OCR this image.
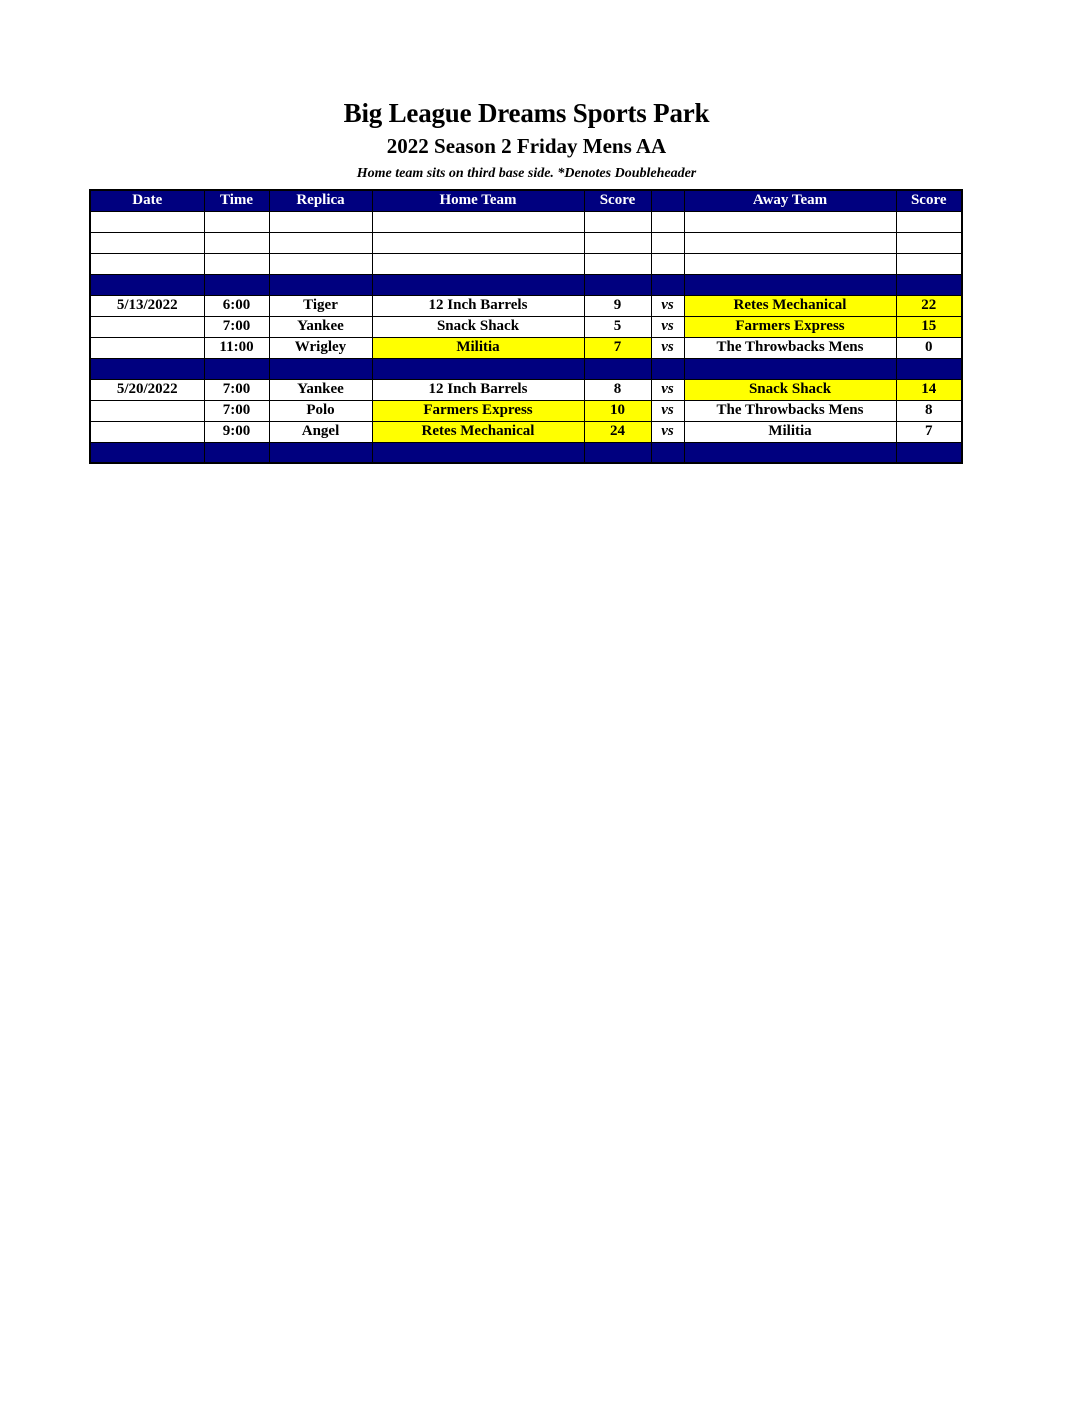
Big League Dreams Sports Park
2022 Season 2 Friday Mens AA
Home team sits on third base side. *Denotes Doubleheader
Date	Time	Replica	Home Team	Score		Away Team	Score

5/13/2022	6:00	Tiger	12 Inch Barrels	9	vs	Retes Mechanical	22
	7:00	Yankee	Snack Shack	5	vs	Farmers Express	15
	11:00	Wrigley	Militia	7	vs	The Throwbacks Mens	0

5/20/2022	7:00	Yankee	12 Inch Barrels	8	vs	Snack Shack	14
	7:00	Polo	Farmers Express	10	vs	The Throwbacks Mens	8
	9:00	Angel	Retes Mechanical	24	vs	Militia	7
